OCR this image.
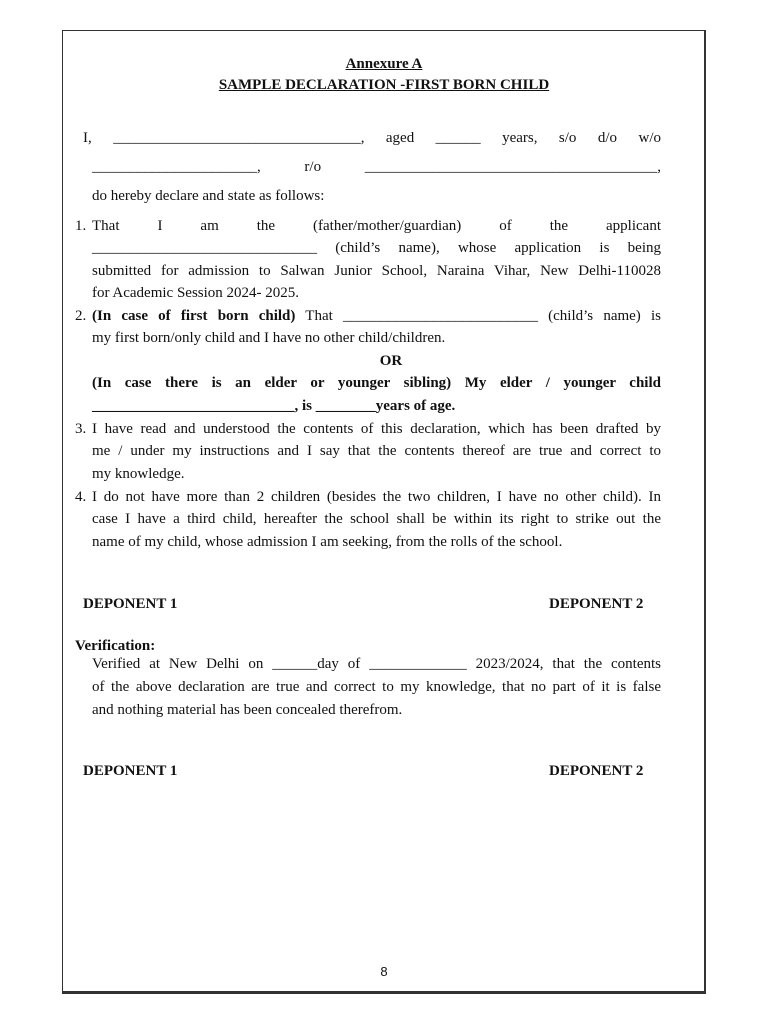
Annexure A
SAMPLE DECLARATION -FIRST BORN CHILD
I, _________________________________, aged ______ years, s/o d/o w/o
______________________, r/o _______________________________________,
do hereby declare and state as follows:
1. That I am the (father/mother/guardian) of the applicant
______________________________ (child’s name), whose application is being
submitted for admission to Salwan Junior School, Naraina Vihar, New Delhi-110028
for Academic Session 2024- 2025.
2. (In case of first born child) That __________________________ (child’s name) is
my first born/only child and I have no other child/children.
OR
(In case there is an elder or younger sibling) My elder / younger child
___________________________, is ________years of age.
3. I have read and understood the contents of this declaration, which has been drafted by
me / under my instructions and I say that the contents thereof are true and correct to
my knowledge.
4. I do not have more than 2 children (besides the two children, I have no other child). In
case I have a third child, hereafter the school shall be within its right to strike out the
name of my child, whose admission I am seeking, from the rolls of the school.
DEPONENT 1	DEPONENT 2
Verification:
Verified at New Delhi on ______day of _____________ 2023/2024, that the contents
of the above declaration are true and correct to my knowledge, that no part of it is false
and nothing material has been concealed therefrom.
DEPONENT 1	DEPONENT 2
8
